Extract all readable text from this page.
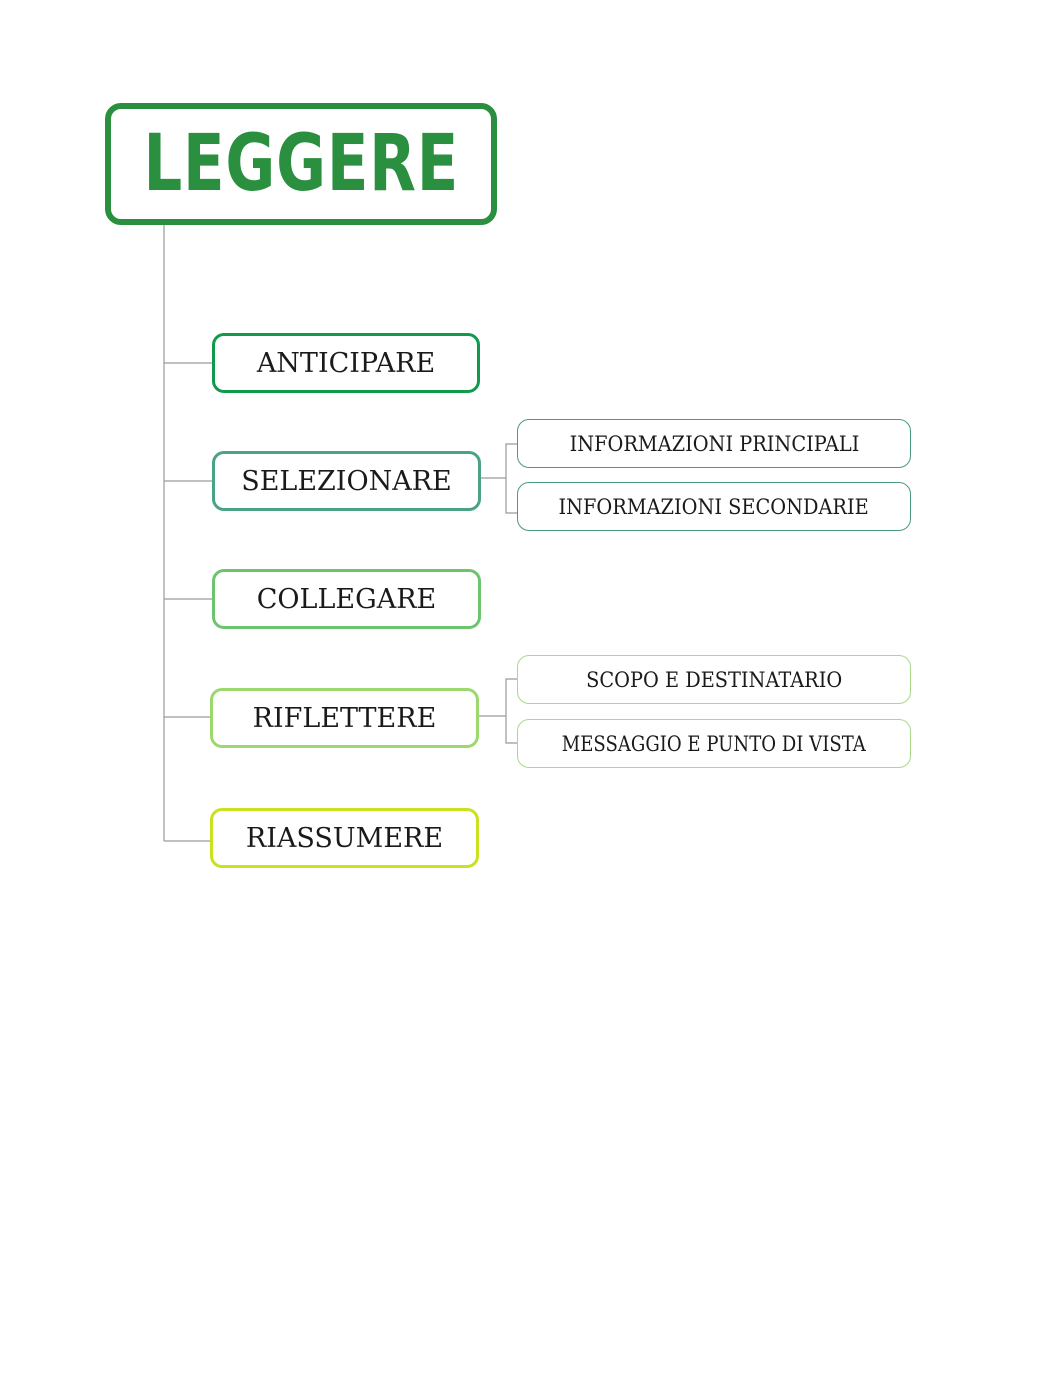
LEGGERE
ANTICIPARE
SELEZIONARE
COLLEGARE
RIFLETTERE
RIASSUMERE
INFORMAZIONI PRINCIPALI
INFORMAZIONI SECONDARIE
SCOPO E DESTINATARIO
MESSAGGIO E PUNTO DI VISTA
